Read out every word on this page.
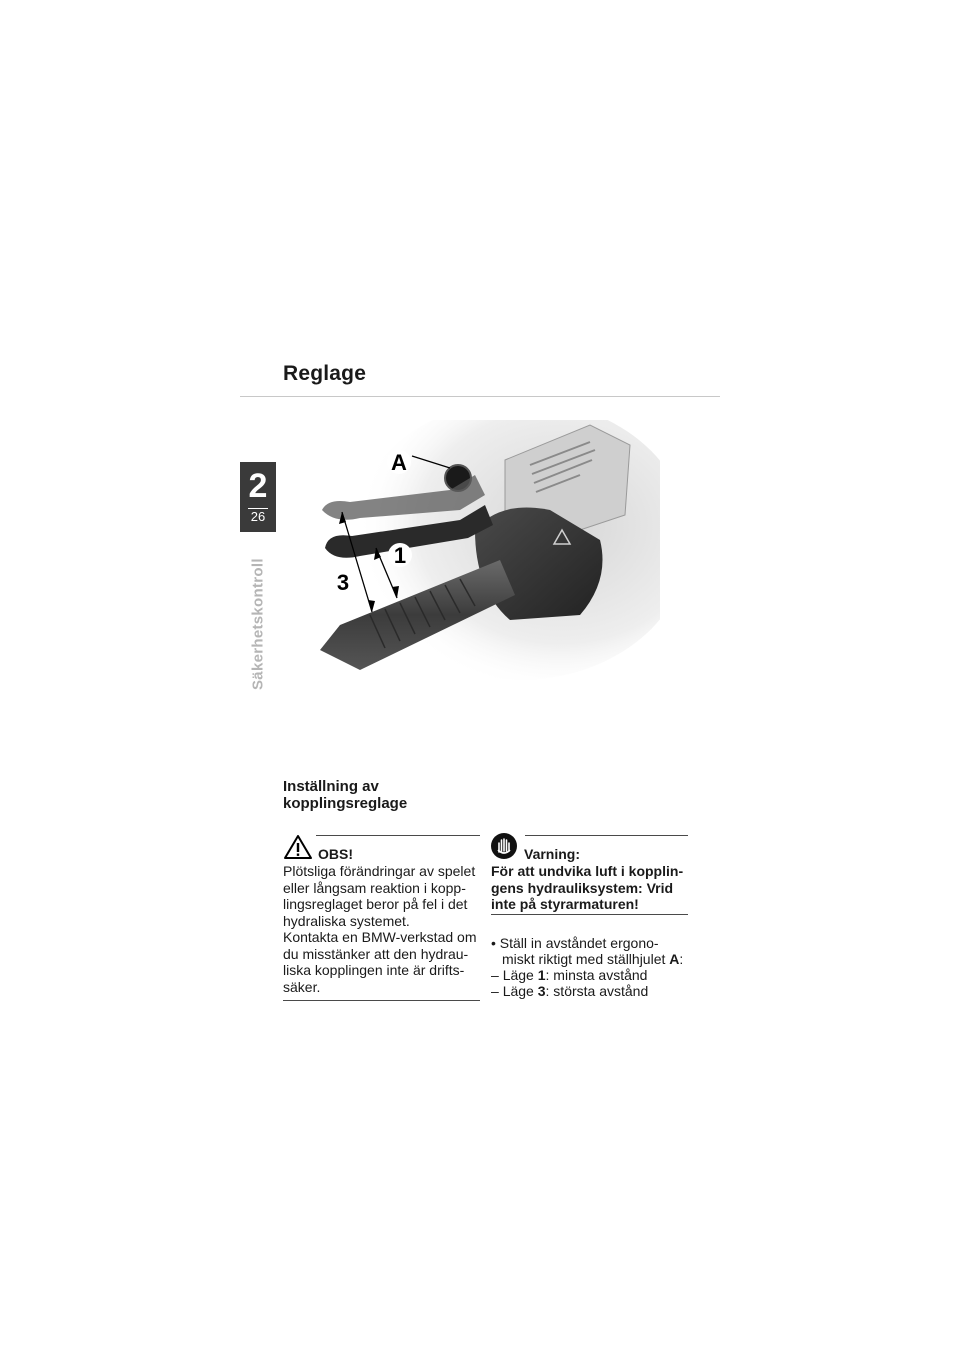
Reglage
2
26
Säkerhetskontroll
A
1
3
Inställning av
kopplingsreglage
OBS!
Plötsliga förändringar av spelet
eller långsam reaktion i kopp-
lingsreglaget beror på fel i det
hydraliska systemet.
Kontakta en BMW-verkstad om
du misstänker att den hydrau-
liska kopplingen inte är drifts-
säker.
Varning:
För att undvika luft i kopplin-
gens hydrauliksystem: Vrid
inte på styrarmaturen!
• Ställ in avståndet ergono-
miskt riktigt med ställhjulet A:
– Läge 1: minsta avstånd
– Läge 3: största avstånd
